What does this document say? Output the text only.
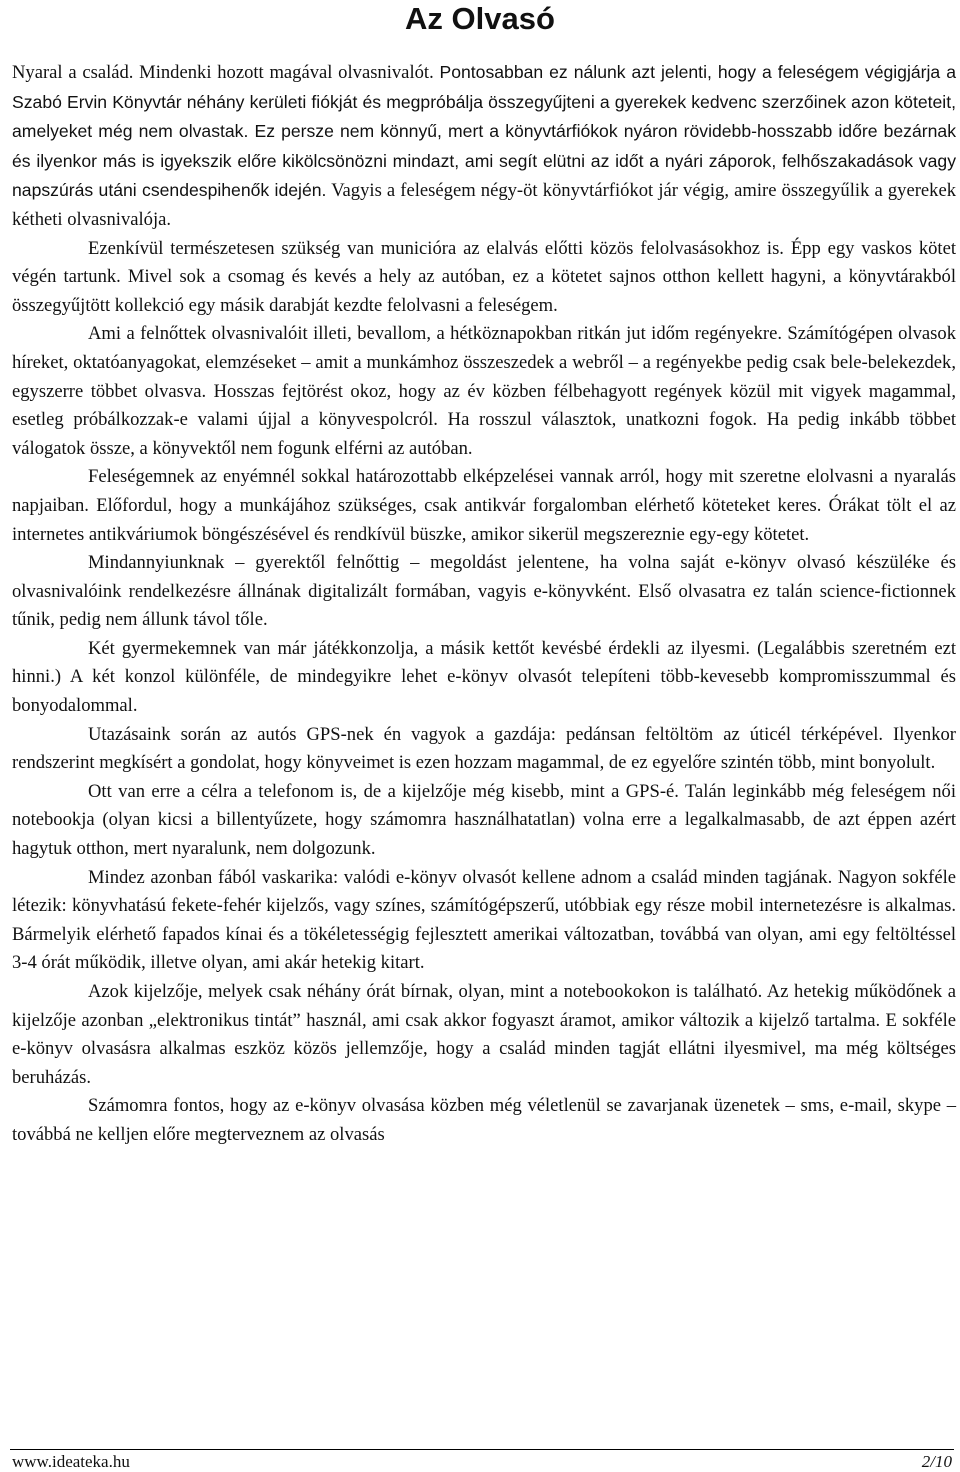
Az Olvasó

Nyaral a család. Mindenki hozott magával olvasnivalót. Pontosabban ez nálunk azt jelenti, hogy a feleségem végigjárja a Szabó Ervin Könyvtár néhány kerületi fiókját és megpróbálja összegyűjteni a gyerekek kedvenc szerzőinek azon köteteit, amelyeket még nem olvastak. Ez persze nem könnyű, mert a könyvtárfiókok nyáron rövidebb-hosszabb időre bezárnak és ilyenkor más is igyekszik előre kikölcsönözni mindazt, ami segít elütni az időt a nyári záporok, felhőszakadások vagy napszúrás utáni csendespihenők idején. Vagyis a feleségem négy-öt könyvtárfiókot jár végig, amire összegyűlik a gyerekek kétheti olvasnivalója.

Ezenkívül természetesen szükség van municióra az elalvás előtti közös felolvasásokhoz is. Épp egy vaskos kötet végén tartunk. Mivel sok a csomag és kevés a hely az autóban, ez a kötetet sajnos otthon kellett hagyni, a könyvtárakból összegyűjtött kollekció egy másik darabját kezdte felolvasni a feleségem.

Ami a felnőttek olvasnivalóit illeti, bevallom, a hétköznapokban ritkán jut időm regényekre. Számítógépen olvasok híreket, oktatóanyagokat, elemzéseket – amit a munkámhoz összeszedek a webről – a regényekbe pedig csak bele-belekezdek, egyszerre többet olvasva. Hosszas fejtörést okoz, hogy az év közben félbehagyott regények közül mit vigyek magammal, esetleg próbálkozzak-e valami újjal a könyvespolcról. Ha rosszul választok, unatkozni fogok. Ha pedig inkább többet válogatok össze, a könyvektől nem fogunk elférni az autóban.

Feleségemnek az enyémnél sokkal határozottabb elképzelései vannak arról, hogy mit szeretne elolvasni a nyaralás napjaiban. Előfordul, hogy a munkájához szükséges, csak antikvár forgalomban elérhető köteteket keres. Órákat tölt el az internetes antikváriumok böngészésével és rendkívül büszke, amikor sikerül megszereznie egy-egy kötetet.

Mindannyiunknak – gyerektől felnőttig – megoldást jelentene, ha volna saját e-könyv olvasó készüléke és olvasnivalóink rendelkezésre állnának digitalizált formában, vagyis e-könyvként. Első olvasatra ez talán science-fictionnek tűnik, pedig nem állunk távol tőle.

Két gyermekemnek van már játékkonzolja, a másik kettőt kevésbé érdekli az ilyesmi. (Legalábbis szeretném ezt hinni.) A két konzol különféle, de mindegyikre lehet e-könyv olvasót telepíteni több-kevesebb kompromisszummal és bonyodalommal.

Utazásaink során az autós GPS-nek én vagyok a gazdája: pedánsan feltöltöm az úticél térképével. Ilyenkor rendszerint megkísért a gondolat, hogy könyveimet is ezen hozzam magammal, de ez egyelőre szintén több, mint bonyolult.

Ott van erre a célra a telefonom is, de a kijelzője még kisebb, mint a GPS-é. Talán leginkább még feleségem női notebookja (olyan kicsi a billentyűzete, hogy számomra használhatatlan) volna erre a legalkalmasabb, de azt éppen azért hagytuk otthon, mert nyaralunk, nem dolgozunk.

Mindez azonban fából vaskarika: valódi e-könyv olvasót kellene adnom a család minden tagjának. Nagyon sokféle létezik: könyvhatású fekete-fehér kijelzős, vagy színes, számítógépszerű, utóbbiak egy része mobil internetezésre is alkalmas. Bármelyik elérhető fapados kínai és a tökéletességig fejlesztett amerikai változatban, továbbá van olyan, ami egy feltöltéssel 3-4 órát működik, illetve olyan, ami akár hetekig kitart.

Azok kijelzője, melyek csak néhány órát bírnak, olyan, mint a notebookokon is található. Az hetekig működőnek a kijelzője azonban „elektronikus tintát” használ, ami csak akkor fogyaszt áramot, amikor változik a kijelző tartalma. E sokféle e-könyv olvasásra alkalmas eszköz közös jellemzője, hogy a család minden tagját ellátni ilyesmivel, ma még költséges beruházás.

Számomra fontos, hogy az e-könyv olvasása közben még véletlenül se zavarjanak üzenetek – sms, e-mail, skype – továbbá ne kelljen előre megterveznem az olvasás

www.ideateka.hu	2/10
